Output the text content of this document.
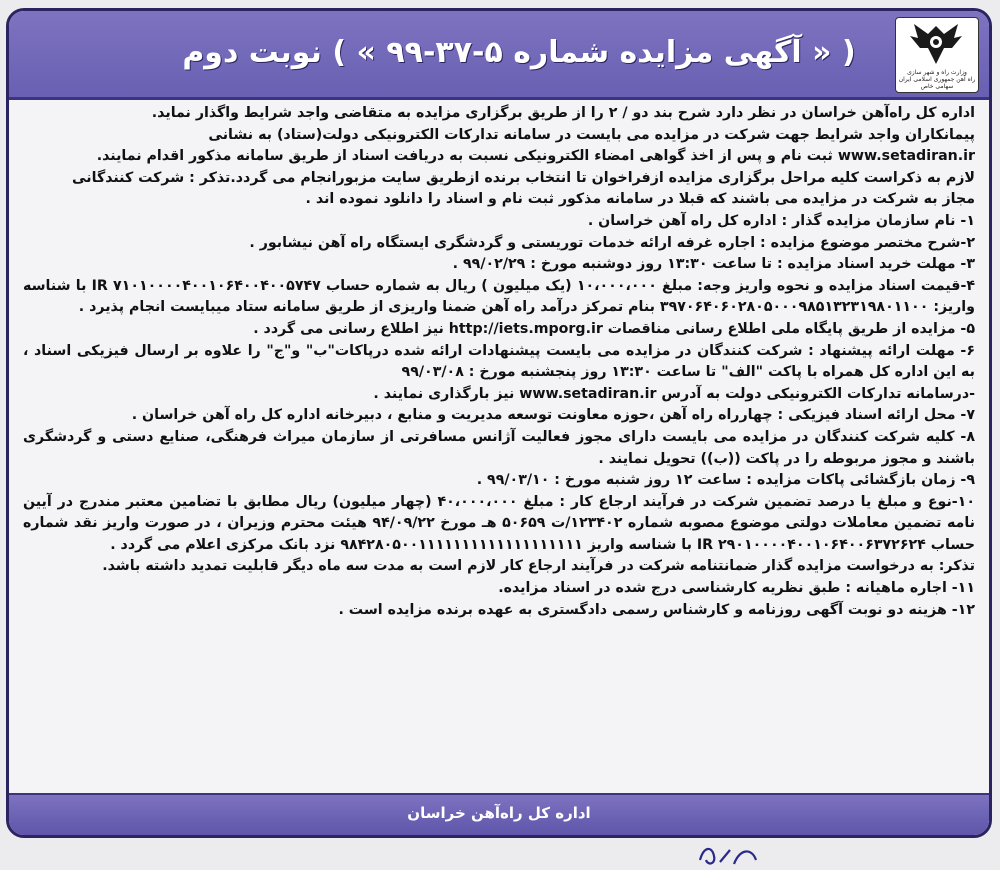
( « آگهی مزایده شماره ۵-۳۷-۹۹ » ) نوبت دوم
وزارت راه و شهر سازی
راه آهن جمهوری اسلامی ایران
سهامی خاص

اداره کل راه‌آهن خراسان در نظر دارد شرح بند دو / ۲ را از طریق برگزاری مزایده به متقاضی واجد شرایط واگذار نماید.

پیمانکاران واجد شرایط جهت شرکت در مزایده می بایست در سامانه تدارکات الکترونیکی دولت(ستاد) به نشانی

www.setadiran.ir ثبت نام و پس از اخذ گواهی امضاء الکترونیکی نسبت به دریافت اسناد از طریق سامانه مذکور اقدام نمایند.

لازم به ذکراست کلیه مراحل برگزاری مزایده ازفراخوان تا انتخاب برنده ازطریق سایت مزبورانجام می گردد.تذکر : شرکت کنندگانی

مجاز به شرکت در مزایده می باشند که قبلا در سامانه مذکور ثبت نام و اسناد را دانلود نموده اند .

۱- نام سازمان مزایده گذار : اداره کل راه آهن خراسان .

۲-شرح مختصر موضوع مزایده : اجاره غرفه ارائه خدمات توریستی و گردشگری ایستگاه راه آهن نیشابور .

۳- مهلت خرید اسناد مزایده : تا ساعت ۱۳:۳۰ روز دوشنبه مورخ : ۹۹/۰۲/۲۹ .

۴-قیمت اسناد مزایده و نحوه واریز وجه: مبلغ ۱۰،۰۰۰،۰۰۰ (یک میلیون ) ریال به شماره حساب IR ۷۱۰۱۰۰۰۰۴۰۰۱۰۶۴۰۰۴۰۰۵۷۴۷ با شناسه واریز: ۳۹۷۰۶۴۰۶۰۲۸۰۵۰۰۰۹۸۵۱۳۲۳۱۹۸۰۱۱۰۰ بنام تمرکز درآمد راه آهن ضمنا واریزی از طریق سامانه ستاد میبایست انجام پذیرد .

۵- مزایده از طریق پایگاه ملی اطلاع رسانی مناقصات http://iets.mporg.ir نیز اطلاع رسانی می گردد .

۶- مهلت ارائه پیشنهاد : شرکت کنندگان در مزایده می بایست پیشنهادات ارائه شده درپاکات"ب" و"ج" را علاوه بر ارسال فیزیکی اسناد ، به این اداره کل همراه با پاکت "الف" تا ساعت ۱۳:۳۰ روز پنجشنبه مورخ : ۹۹/۰۳/۰۸

-درسامانه تدارکات الکترونیکی دولت به آدرس www.setadiran.ir نیز بارگذاری نمایند .

۷- محل ارائه اسناد فیزیکی : چهارراه راه آهن ،حوزه معاونت توسعه مدیریت و منابع ، دبیرخانه اداره کل راه آهن خراسان .

۸- کلیه شرکت کنندگان در مزایده می بایست دارای مجوز فعالیت آژانس مسافرتی از سازمان میراث فرهنگی، صنایع دستی و گردشگری باشند و مجوز مربوطه را در پاکت ((ب)) تحویل نمایند .

۹- زمان بازگشائی پاکات مزایده : ساعت ۱۲ روز شنبه مورخ : ۹۹/۰۳/۱۰ .

۱۰-نوع و مبلغ یا درصد تضمین شرکت در فرآیند ارجاع کار : مبلغ ۴۰،۰۰۰،۰۰۰ (چهار میلیون) ریال مطابق با تضامین معتبر مندرج در آیین نامه تضمین معاملات دولتی موضوع مصوبه شماره ۱۲۳۴۰۲/ت ۵۰۶۵۹ هـ مورخ ۹۴/۰۹/۲۲ هیئت محترم وزیران ، در صورت واریز نقد شماره حساب IR ۲۹۰۱۰۰۰۰۴۰۰۱۰۶۴۰۰۶۳۷۲۶۲۴ با شناسه واریز ۹۸۴۲۸۰۵۰۰۱۱۱۱۱۱۱۱۱۱۱۱۱۱۱۱۱۱۱ نزد بانک مرکزی اعلام می گردد .

تذکر: به درخواست مزایده گذار ضمانتنامه شرکت در فرآیند ارجاع کار لازم است به مدت سه ماه دیگر قابلیت تمدید داشته باشد.

۱۱- اجاره ماهیانه : طبق نظریه کارشناسی درج شده در اسناد مزایده.

۱۲- هزینه دو نوبت آگهی روزنامه و کارشناس رسمی دادگستری به عهده برنده مزایده است .

اداره کل راه‌آهن خراسان
